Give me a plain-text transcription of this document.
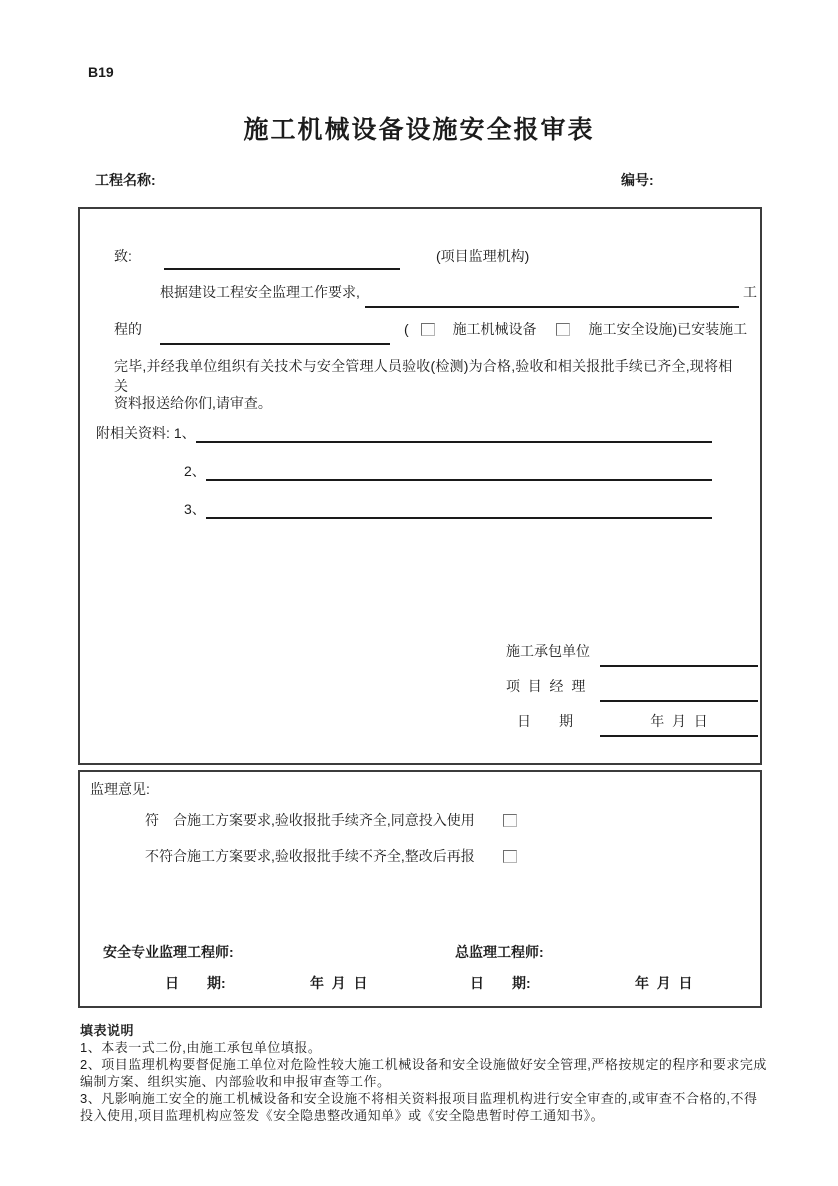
B19
施工机械设备设施安全报审表
工程名称:	编号:
致:	(项目监理机构)
根据建设工程安全监理工作要求,	工
程的	(	施工机械设备	施工安全设施)已安装施工
完毕,并经我单位组织有关技术与安全管理人员验收(检测)为合格,验收和相关报批手续已齐全,现将相关
资料报送给你们,请审查。
附相关资料: 1、
2、
3、
施工承包单位
项  目  经  理
日　　期	年  月  日
监理意见:
符　合施工方案要求,验收报批手续齐全,同意投入使用
不符合施工方案要求,验收报批手续不齐全,整改后再报
安全专业监理工程师:	总监理工程师:
日　　期:	年  月  日	日　　期:	年  月  日
填表说明
1、本表一式二份,由施工承包单位填报。
2、项目监理机构要督促施工单位对危险性较大施工机械设备和安全设施做好安全管理,严格按规定的程序和要求完成编制方案、组织实施、内部验收和申报审查等工作。
3、凡影响施工安全的施工机械设备和安全设施不将相关资料报项目监理机构进行安全审查的,或审查不合格的,不得投入使用,项目监理机构应签发《安全隐患整改通知单》或《安全隐患暂时停工通知书》。
